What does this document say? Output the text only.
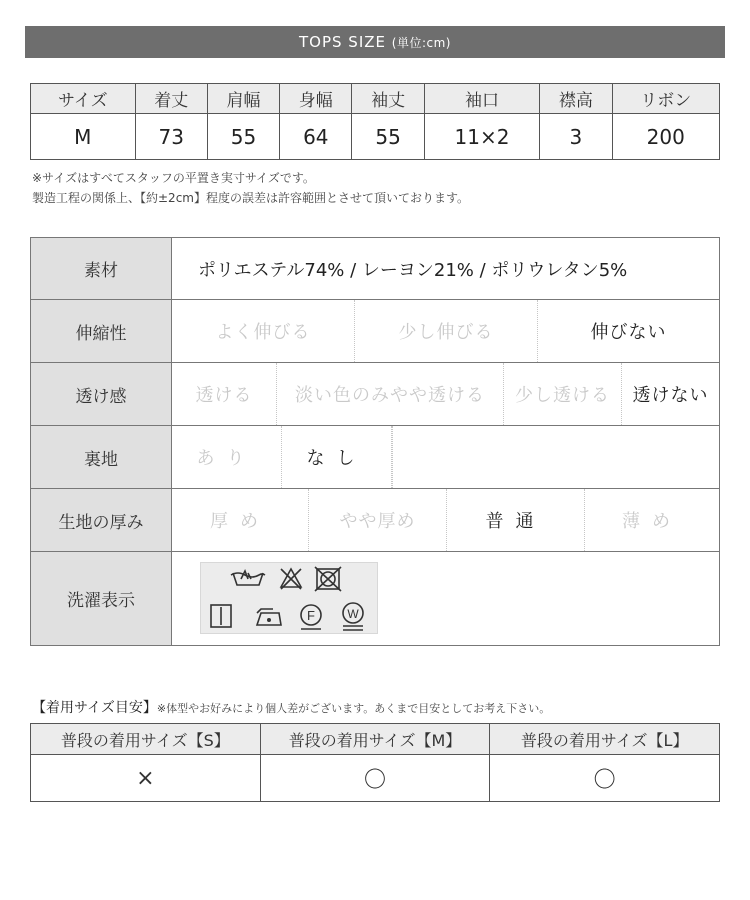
TOPS SIZE (単位:cm)
サイズ	着丈	肩幅	身幅	袖丈	袖口	襟高	リボン
M	73	55	64	55	11×2	3	200
※サイズはすべてスタッフの平置き実寸サイズです。
製造工程の関係上、【約±2cm】程度の誤差は許容範囲とさせて頂いております。
素材	ポリエステル74% / レーヨン21% / ポリウレタン5%
伸縮性	よく伸びる	少し伸びる	伸びない
透け感	透ける	淡い色のみやや透ける	少し透ける	透けない
裏地	あり	なし
生地の厚み	厚め	やや厚め	普通	薄め
洗濯表示
F	W
【着用サイズ目安】※体型やお好みにより個人差がございます。あくまで目安としてお考え下さい。
普段の着用サイズ【S】	普段の着用サイズ【M】	普段の着用サイズ【L】
×	〇	〇
